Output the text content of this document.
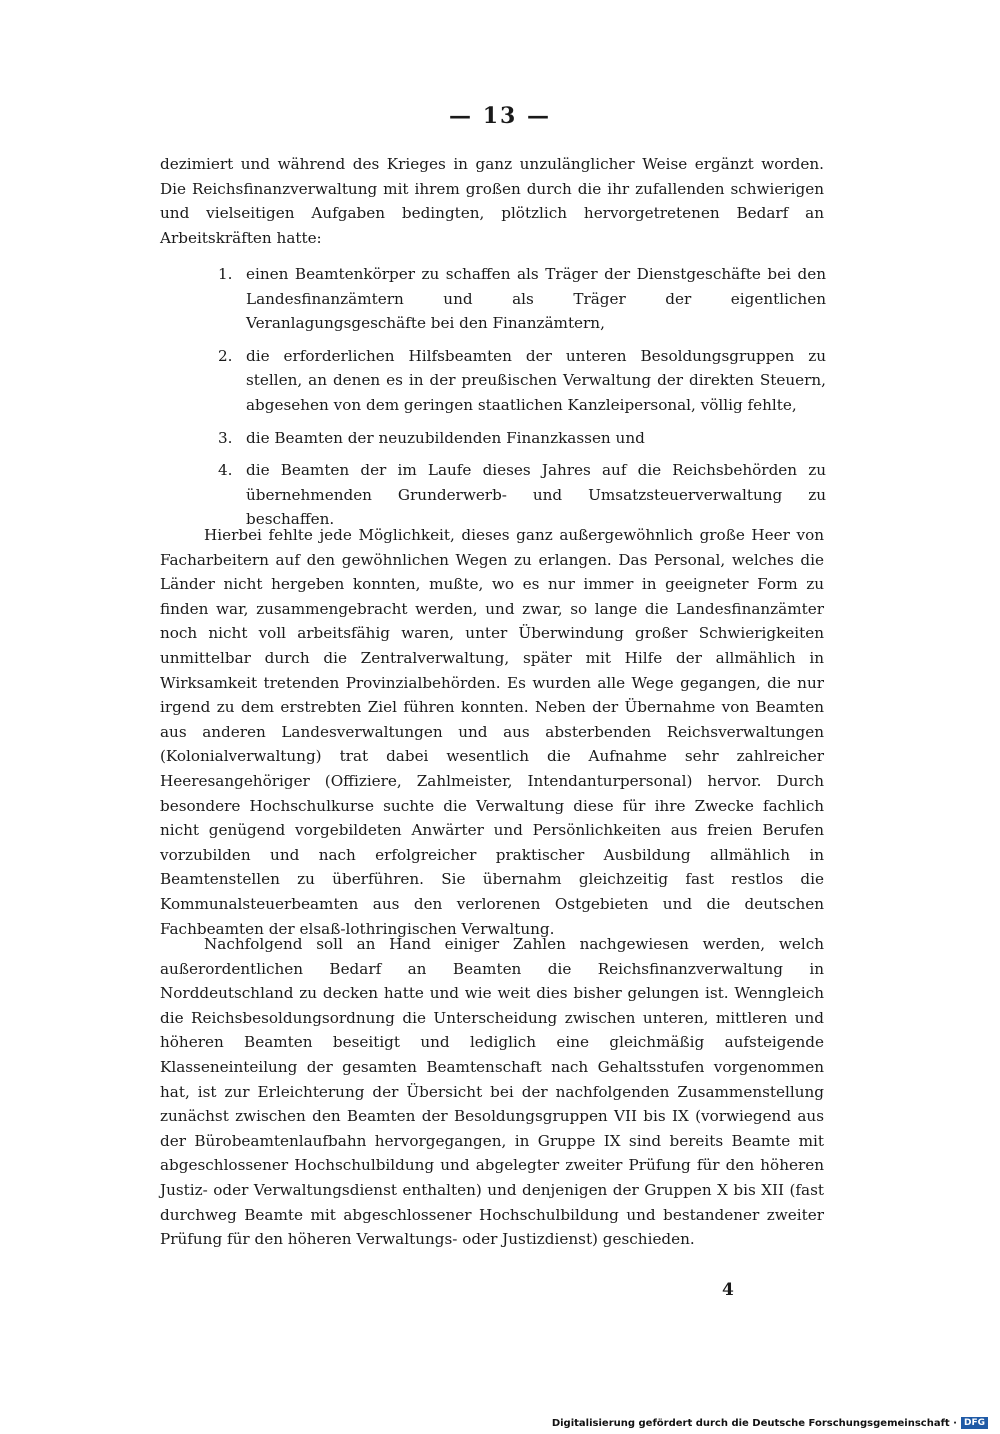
— 13 —

dezimiert und während des Krieges in ganz unzulänglicher Weise ergänzt worden. Die Reichsfinanzverwaltung mit ihrem großen durch die ihr zufallenden schwierigen und vielseitigen Aufgaben bedingten, plötzlich hervorgetretenen Bedarf an Arbeitskräften hatte:

1. einen Beamtenkörper zu schaffen als Träger der Dienstgeschäfte bei den Landesfinanzämtern und als Träger der eigentlichen Veranlagungsgeschäfte bei den Finanzämtern,
2. die erforderlichen Hilfsbeamten der unteren Besoldungsgruppen zu stellen, an denen es in der preußischen Verwaltung der direkten Steuern, abgesehen von dem geringen staatlichen Kanzleipersonal, völlig fehlte,
3. die Beamten der neuzubildenden Finanzkassen und
4. die Beamten der im Laufe dieses Jahres auf die Reichsbehörden zu übernehmenden Grunderwerb- und Umsatzsteuerverwaltung zu beschaffen.

Hierbei fehlte jede Möglichkeit, dieses ganz außergewöhnlich große Heer von Facharbeitern auf den gewöhnlichen Wegen zu erlangen. Das Personal, welches die Länder nicht hergeben konnten, mußte, wo es nur immer in geeigneter Form zu finden war, zusammengebracht werden, und zwar, so lange die Landesfinanzämter noch nicht voll arbeitsfähig waren, unter Überwindung großer Schwierigkeiten unmittelbar durch die Zentralverwaltung, später mit Hilfe der allmählich in Wirksamkeit tretenden Provinzialbehörden. Es wurden alle Wege gegangen, die nur irgend zu dem erstrebten Ziel führen konnten. Neben der Übernahme von Beamten aus anderen Landesverwaltungen und aus absterbenden Reichsverwaltungen (Kolonialverwaltung) trat dabei wesentlich die Aufnahme sehr zahlreicher Heeresangehöriger (Offiziere, Zahlmeister, Intendanturpersonal) hervor. Durch besondere Hochschulkurse suchte die Verwaltung diese für ihre Zwecke fachlich nicht genügend vorgebildeten Anwärter und Persönlichkeiten aus freien Berufen vorzubilden und nach erfolgreicher praktischer Ausbildung allmählich in Beamtenstellen zu überführen. Sie übernahm gleichzeitig fast restlos die Kommunalsteuerbeamten aus den verlorenen Ostgebieten und die deutschen Fachbeamten der elsaß-lothringischen Verwaltung.

Nachfolgend soll an Hand einiger Zahlen nachgewiesen werden, welch außerordentlichen Bedarf an Beamten die Reichsfinanzverwaltung in Norddeutschland zu decken hatte und wie weit dies bisher gelungen ist. Wenngleich die Reichsbesoldungsordnung die Unterscheidung zwischen unteren, mittleren und höheren Beamten beseitigt und lediglich eine gleichmäßig aufsteigende Klasseneinteilung der gesamten Beamtenschaft nach Gehaltsstufen vorgenommen hat, ist zur Erleichterung der Übersicht bei der nachfolgenden Zusammenstellung zunächst zwischen den Beamten der Besoldungsgruppen VII bis IX (vorwiegend aus der Bürobeamtenlaufbahn hervorgegangen, in Gruppe IX sind bereits Beamte mit abgeschlossener Hochschulbildung und abgelegter zweiter Prüfung für den höheren Justiz- oder Verwaltungsdienst enthalten) und denjenigen der Gruppen X bis XII (fast durchweg Beamte mit abgeschlossener Hochschulbildung und bestandener zweiter Prüfung für den höheren Verwaltungs- oder Justizdienst) geschieden.

4
Digitalisierung gefördert durch die Deutsche Forschungsgemeinschaft · DFG
